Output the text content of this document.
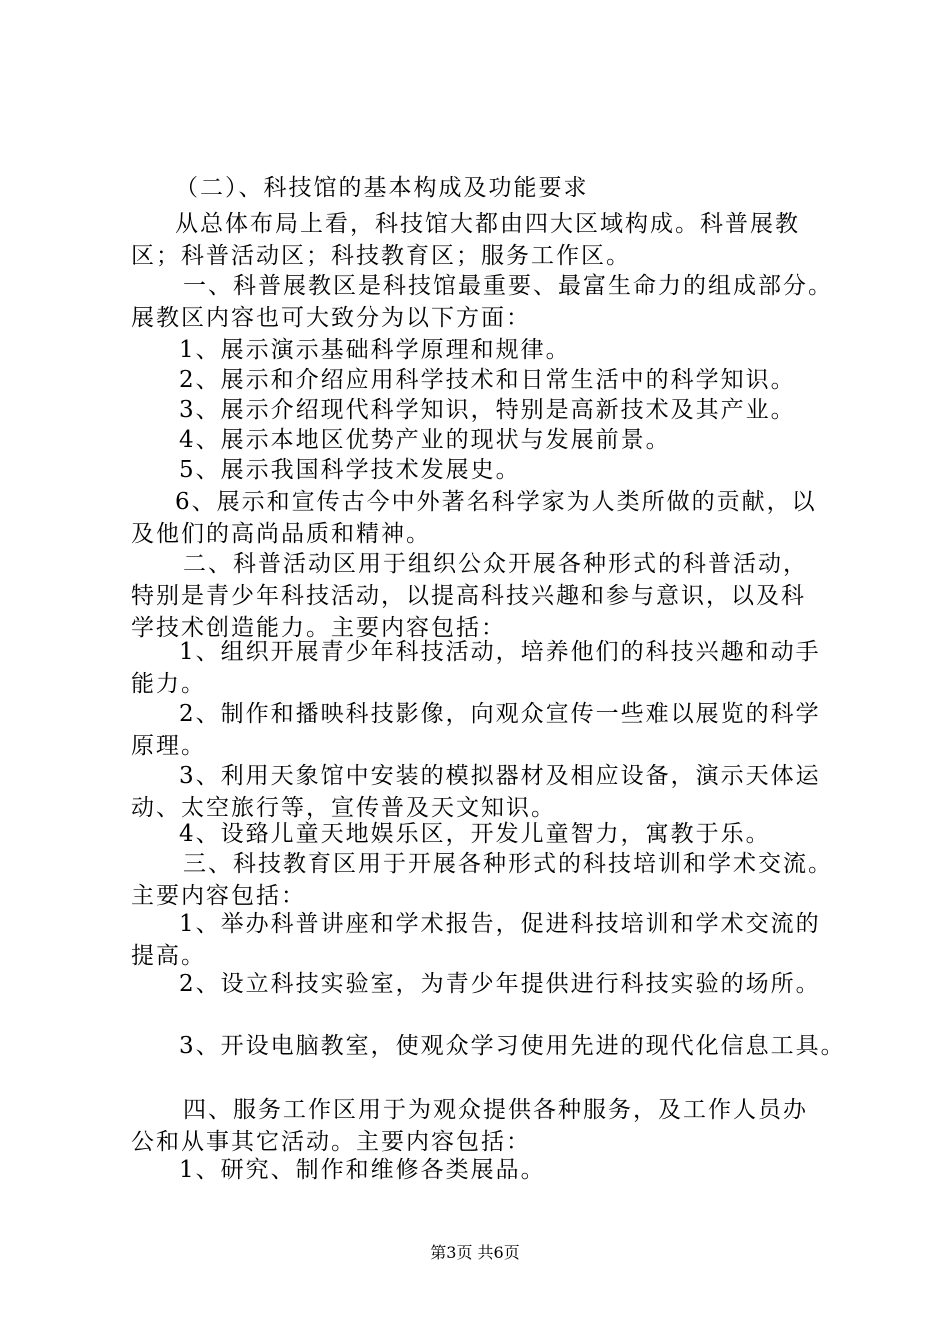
（二）、科技馆的基本构成及功能要求

从总体布局上看，科技馆大都由四大区域构成。科普展教
区；科普活动区；科技教育区；服务工作区。

一、科普展教区是科技馆最重要、最富生命力的组成部分。
展教区内容也可大致分为以下方面：

1、展示演示基础科学原理和规律。

2、展示和介绍应用科学技术和日常生活中的科学知识。

3、展示介绍现代科学知识，特别是高新技术及其产业。

4、展示本地区优势产业的现状与发展前景。

5、展示我国科学技术发展史。

6、展示和宣传古今中外著名科学家为人类所做的贡献，以
及他们的高尚品质和精神。

二、科普活动区用于组织公众开展各种形式的科普活动，
特别是青少年科技活动，以提高科技兴趣和参与意识，以及科
学技术创造能力。主要内容包括：

1、组织开展青少年科技活动，培养他们的科技兴趣和动手
能力。

2、制作和播映科技影像，向观众宣传一些难以展览的科学
原理。

3、利用天象馆中安装的模拟器材及相应设备，演示天体运
动、太空旅行等，宣传普及天文知识。

4、设臵儿童天地娱乐区，开发儿童智力，寓教于乐。

三、科技教育区用于开展各种形式的科技培训和学术交流。
主要内容包括：

1、举办科普讲座和学术报告，促进科技培训和学术交流的
提高。

2、设立科技实验室，为青少年提供进行科技实验的场所。

3、开设电脑教室，使观众学习使用先进的现代化信息工具。

四、服务工作区用于为观众提供各种服务，及工作人员办
公和从事其它活动。主要内容包括：

1、研究、制作和维修各类展品。

第3页 共6页
